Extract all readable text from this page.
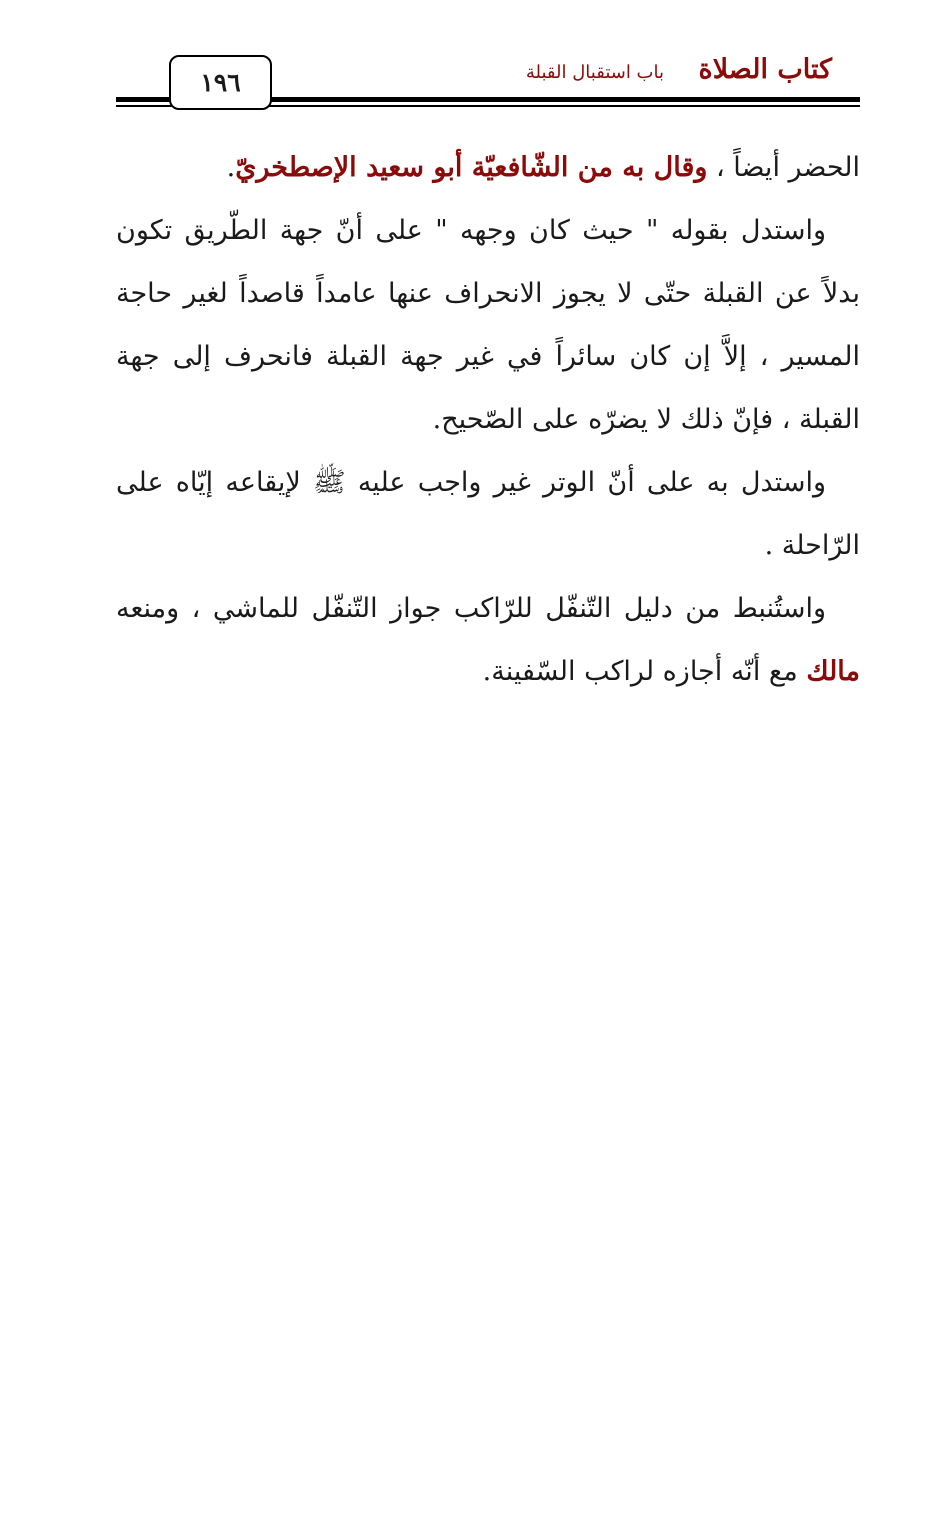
١٩٦	كتاب الصلاة
باب استقبال القبلة

الحضر أيضاً ، وقال به من الشّافعيّة أبو سعيد الإصطخريّ.

واستدل بقوله " حيث كان وجهه " على أنّ جهة الطّريق تكون بدلاً عن القبلة حتّى لا يجوز الانحراف عنها عامداً قاصداً لغير حاجة المسير ، إلاَّ إن كان سائراً في غير جهة القبلة فانحرف إلى جهة القبلة ، فإنّ ذلك لا يضرّه على الصّحيح.

واستدل به على أنّ الوتر غير واجب عليه ﷺ لإيقاعه إيّاه على الرّاحلة .

واستُنبط من دليل التّنفّل للرّاكب جواز التّنفّل للماشي ، ومنعه مالك مع أنّه أجازه لراكب السّفينة.
